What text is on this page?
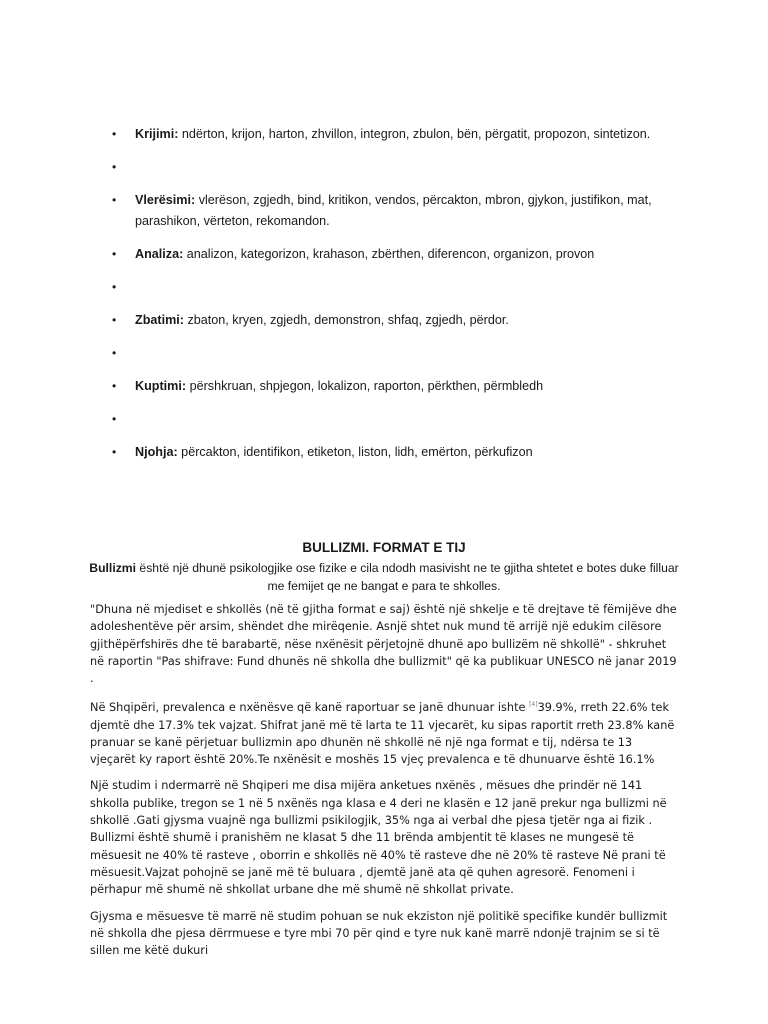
• Krijimi: ndërton, krijon, harton, zhvillon, integron, zbulon, bën, përgatit, propozon, sintetizon.
•
• Vlerësimi: vlerëson, zgjedh, bind, kritikon, vendos, përcakton, mbron, gjykon, justifikon, mat, parashikon, vërteton, rekomandon.
• Analiza: analizon, kategorizon, krahason, zbërthen, diferencon, organizon, provon
•
• Zbatimi: zbaton, kryen, zgjedh, demonstron, shfaq, zgjedh, përdor.
•
• Kuptimi: përshkruan, shpjegon, lokalizon, raporton, përkthen, përmbledh
•
• Njohja: përcakton, identifikon, etiketon, liston, lidh, emërton, përkufizon
BULLIZMI. FORMAT E TIJ
Bullizmi është një dhunë psikologjike ose fizike e cila ndodh masivisht ne te gjitha shtetet e botes duke filluar me femijet qe ne bangat e para te shkolles.

"Dhuna në mjediset e shkollës (në të gjitha format e saj) është një shkelje e të drejtave të fëmijëve dhe adoleshentëve për arsim, shëndet dhe mirëqenie. Asnjë shtet nuk mund të arrijë një edukim cilësore gjithëpërfshirës dhe të barabartë, nëse nxënësit përjetojnë dhunë apo bullizëm në shkollë" - shkruhet në raportin "Pas shifrave: Fund dhunës në shkolla dhe bullizmit" që ka publikuar UNESCO në janar 2019 .

Në Shqipëri, prevalenca e nxënësve që kanë raportuar se janë dhunuar ishte [4]39.9%, rreth 22.6% tek djemtë dhe 17.3% tek vajzat. Shifrat janë më të larta te 11 vjecarët, ku sipas raportit rreth 23.8% kanë pranuar se kanë përjetuar bullizmin apo dhunën në shkollë në një nga format e tij, ndërsa te 13 vjeçarët ky raport është 20%.Te nxënësit e moshës 15 vjeç prevalenca e të dhunuarve është 16.1%

Një studim i ndermarrë në Shqiperi me disa mijëra anketues nxënës , mësues dhe prindër në 141 shkolla publike, tregon se 1 në 5 nxënës nga klasa e 4 deri ne klasën e 12 janë prekur nga bullizmi në shkollë .Gati gjysma vuajnë nga bullizmi psikilogjik, 35% nga ai verbal dhe pjesa tjetër nga ai fizik . Bullizmi është shumë i pranishëm ne klasat 5 dhe 11 brënda ambjentit të klases ne mungesë të mësuesit ne 40% të rasteve , oborrin e shkollës në 40% të rasteve dhe në 20% të rasteve Në prani të mësuesit.Vajzat pohojnë se janë më të buluara , djemtë janë ata që quhen agresorë. Fenomeni i përhapur më shumë në shkollat urbane dhe më shumë në shkollat private.

Gjysma e mësuesve të marrë në studim pohuan se nuk ekziston një politikë specifike kundër bullizmit në shkolla dhe pjesa dërrmuese e tyre mbi 70 për qind e tyre nuk kanë marrë ndonjë trajnim se si të sillen me këtë dukuri
